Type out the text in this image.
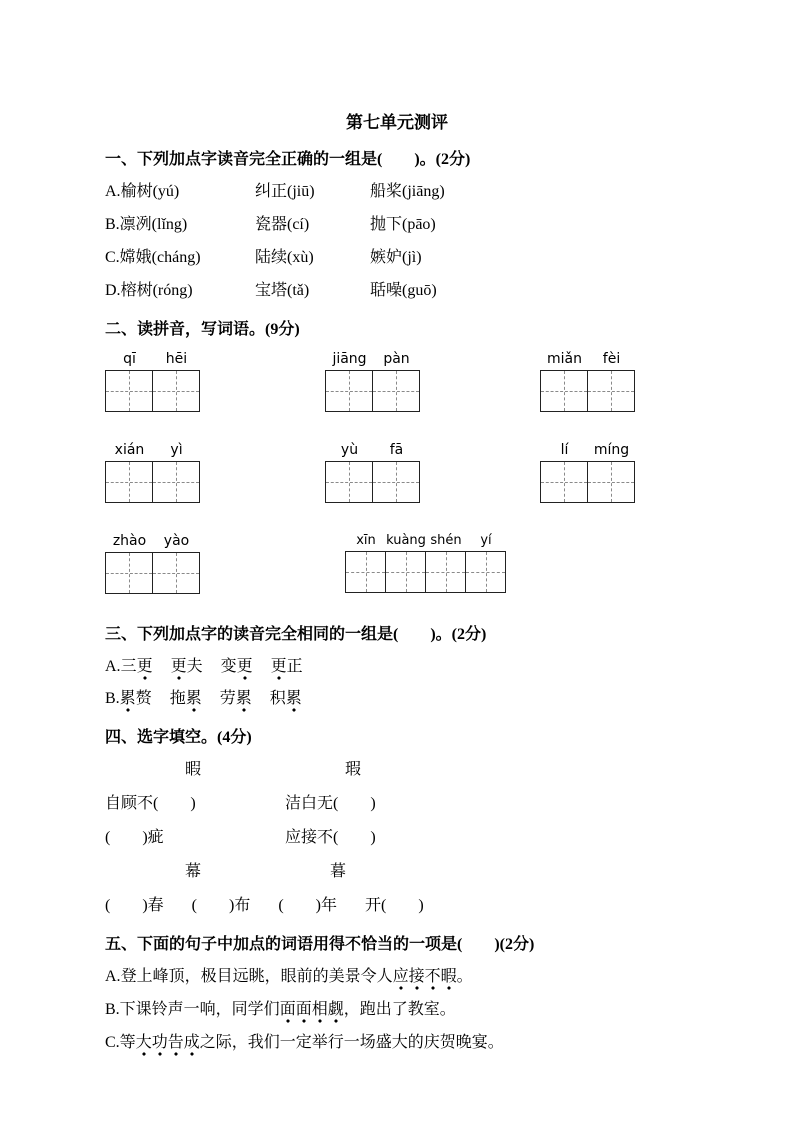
第七单元测评
一、下列加点字读音完全正确的一组是(　　)。(2分)
A.榆树(yú)	纠正(jiū)	船桨(jiāng)
B.凛冽(lǐng)	瓷器(cí)	抛下(pāo)
C.嫦娥(cháng)	陆续(xù)	嫉妒(jì)
D.榕树(róng)	宝塔(tǎ)	聒噪(guō)
二、读拼音，写词语。(9分)
qī	hēi	jiāng	pàn	miǎn	fèi
xián	yì	yù	fā	lí	míng
zhào	yào	xīn kuàng shén	yí
三、下列加点字的读音完全相同的一组是(　　)。(2分)
A. 三更 更夫 变更 更正
B. 累赘 拖累 劳累 积累
四、选字填空。(4分)
暇	瑕
自顾不(　　)	洁白无(　　)
(　　)疵	应接不(　　)
幕	暮
(　　)春 (　　)布 (　　)年 开(　　)
五、下面的句子中加点的词语用得不恰当的一项是(　　)(2分)
A.登上峰顶，极目远眺，眼前的美景令人应接不暇。
B.下课铃声一响，同学们面面相觑，跑出了教室。
C.等大功告成之际，我们一定举行一场盛大的庆贺晚宴。
